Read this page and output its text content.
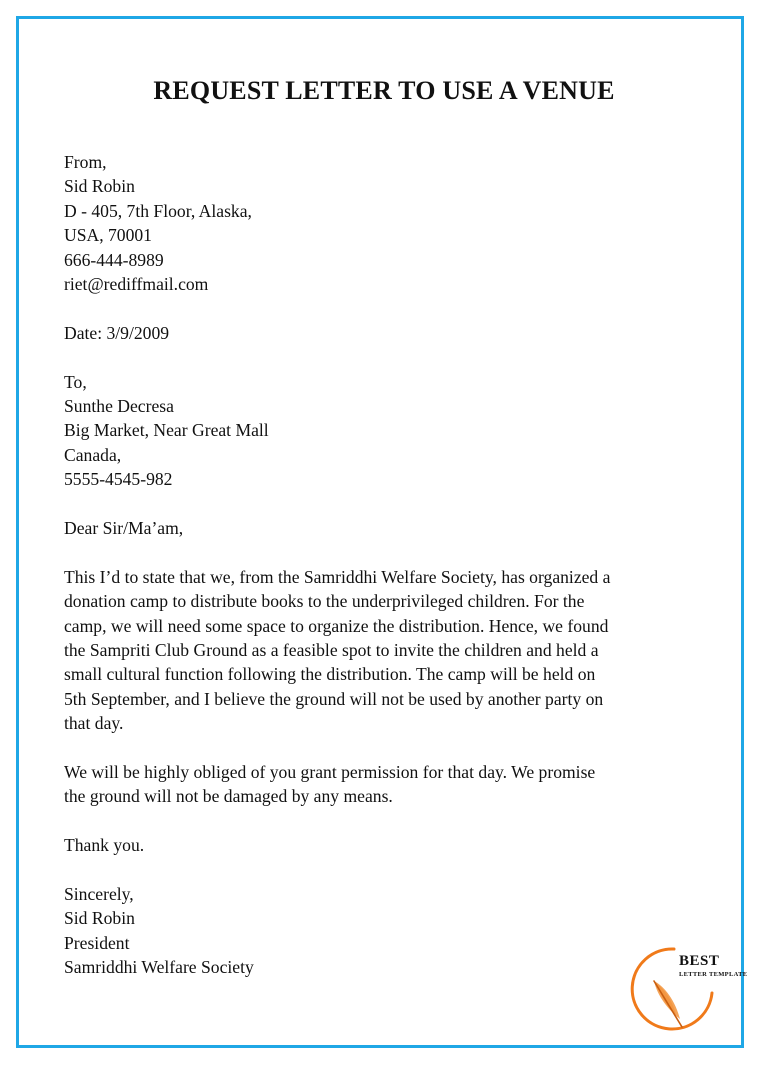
REQUEST LETTER TO USE A VENUE
From,
Sid Robin
D - 405, 7th Floor, Alaska,
USA, 70001
666-444-8989
riet@rediffmail.com
Date: 3/9/2009
To,
Sunthe Decresa
Big Market, Near Great Mall
Canada,
5555-4545-982
Dear Sir/Ma’am,
This I’d to state that we, from the Samriddhi Welfare Society, has organized a
donation camp to distribute books to the underprivileged children. For the
camp, we will need some space to organize the distribution. Hence, we found
the Sampriti Club Ground as a feasible spot to invite the children and held a
small cultural function following the distribution. The camp will be held on
5th September, and I believe the ground will not be used by another party on
that day.
We will be highly obliged of you grant permission for that day. We promise
the ground will not be damaged by any means.
Thank you.
Sincerely,
Sid Robin
President
Samriddhi Welfare Society	BEST
LETTER TEMPLATE
